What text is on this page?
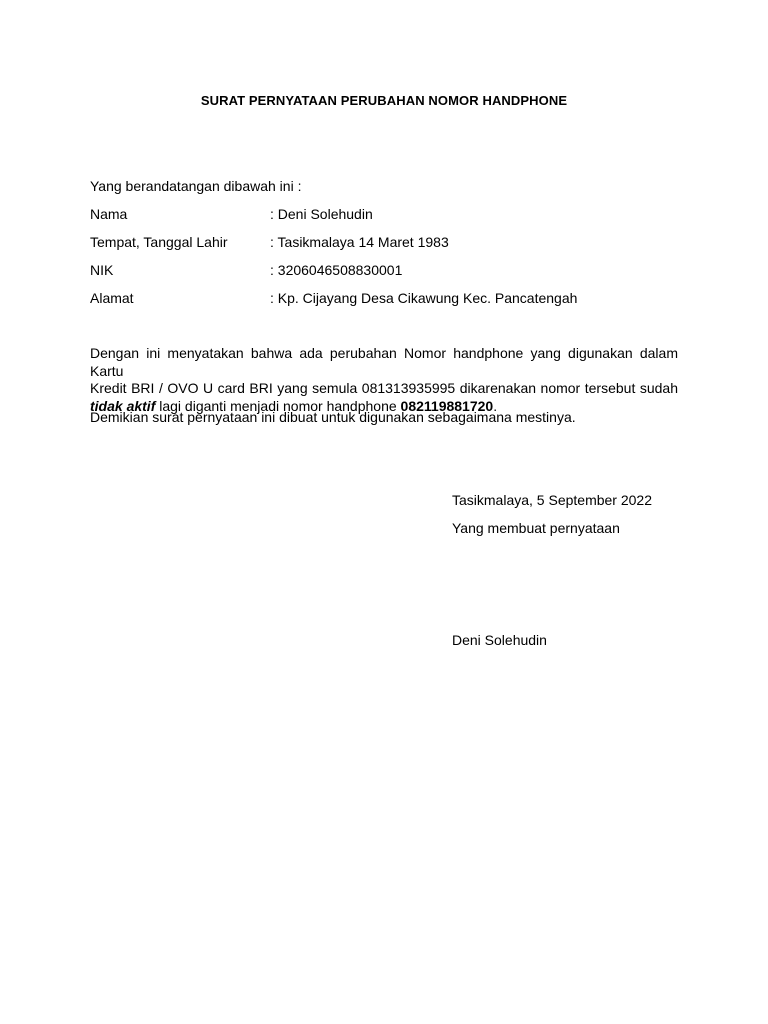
SURAT PERNYATAAN PERUBAHAN NOMOR HANDPHONE
Yang berandatangan dibawah ini :
Nama	: Deni Solehudin
Tempat, Tanggal Lahir	: Tasikmalaya 14 Maret 1983
NIK	: 3206046508830001
Alamat	: Kp. Cijayang Desa Cikawung Kec. Pancatengah
Dengan ini menyatakan bahwa ada perubahan Nomor handphone yang digunakan dalam Kartu
Kredit BRI / OVO U card BRI yang semula 081313935995 dikarenakan nomor tersebut sudah
tidak aktif lagi diganti menjadi nomor handphone 082119881720.
Demikian surat pernyataan ini dibuat untuk digunakan sebagaimana mestinya.
Tasikmalaya, 5 September 2022
Yang membuat pernyataan
Deni Solehudin
